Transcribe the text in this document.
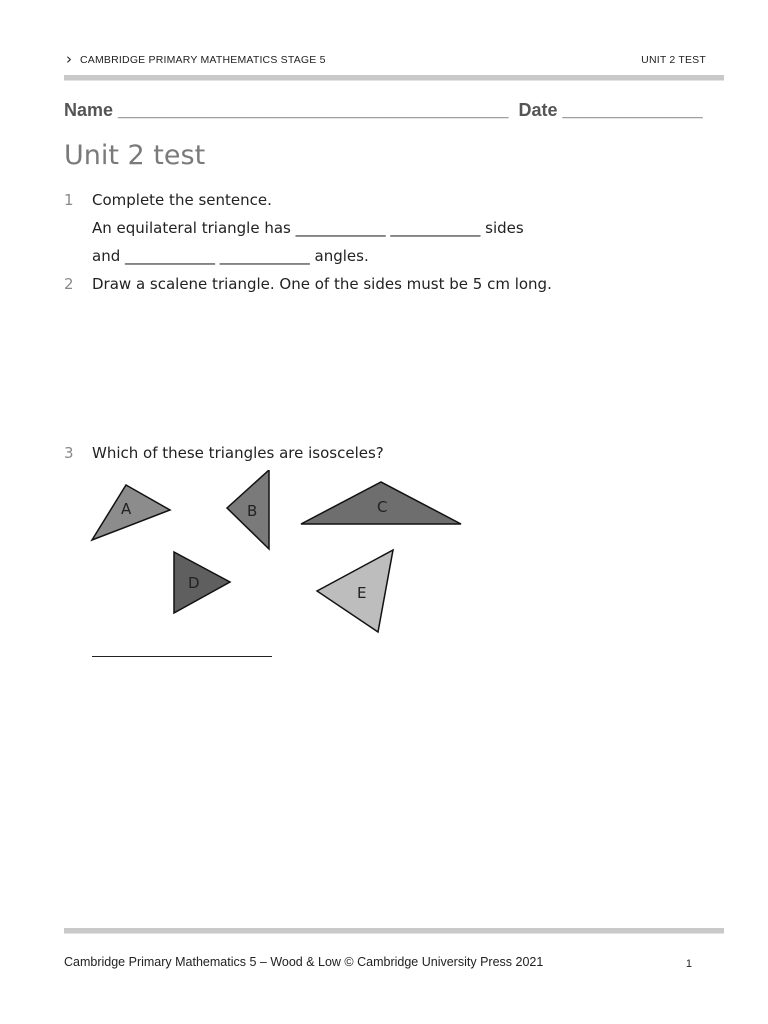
› CAMBRIDGE PRIMARY MATHEMATICS STAGE 5	UNIT 2 TEST
Name _______________________________________ Date ______________
Unit 2 test
1 Complete the sentence.
An equilateral triangle has ____________ ____________ sides
and ____________ ____________ angles.
2 Draw a scalene triangle. One of the sides must be 5 cm long.
3 Which of these triangles are isosceles?
A	B	C
D
E
Cambridge Primary Mathematics 5 – Wood & Low © Cambridge University Press 2021	1
